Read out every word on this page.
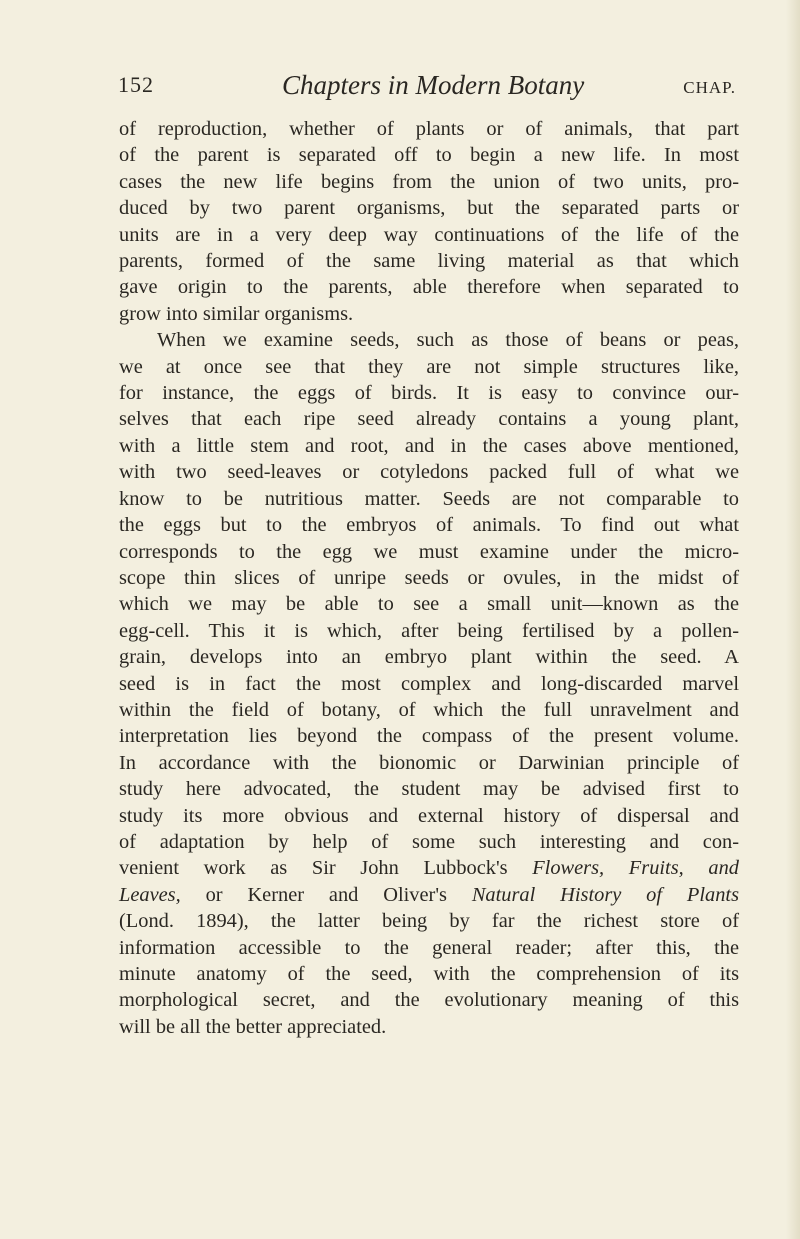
152	Chapters in Modern Botany	CHAP.

of reproduction, whether of plants or of animals, that part
of the parent is separated off to begin a new life. In most
cases the new life begins from the union of two units, pro-
duced by two parent organisms, but the separated parts or
units are in a very deep way continuations of the life of the
parents, formed of the same living material as that which
gave origin to the parents, able therefore when separated to
grow into similar organisms.

When we examine seeds, such as those of beans or peas,
we at once see that they are not simple structures like,
for instance, the eggs of birds. It is easy to convince our-
selves that each ripe seed already contains a young plant,
with a little stem and root, and in the cases above mentioned,
with two seed-leaves or cotyledons packed full of what we
know to be nutritious matter. Seeds are not comparable to
the eggs but to the embryos of animals. To find out what
corresponds to the egg we must examine under the micro-
scope thin slices of unripe seeds or ovules, in the midst of
which we may be able to see a small unit—known as the
egg-cell. This it is which, after being fertilised by a pollen-
grain, develops into an embryo plant within the seed. A
seed is in fact the most complex and long-discarded marvel
within the field of botany, of which the full unravelment and
interpretation lies beyond the compass of the present volume.
In accordance with the bionomic or Darwinian principle of
study here advocated, the student may be advised first to
study its more obvious and external history of dispersal and
of adaptation by help of some such interesting and con-
venient work as Sir John Lubbock's Flowers, Fruits, and
Leaves, or Kerner and Oliver's Natural History of Plants
(Lond. 1894), the latter being by far the richest store of
information accessible to the general reader; after this, the
minute anatomy of the seed, with the comprehension of its
morphological secret, and the evolutionary meaning of this
will be all the better appreciated.
